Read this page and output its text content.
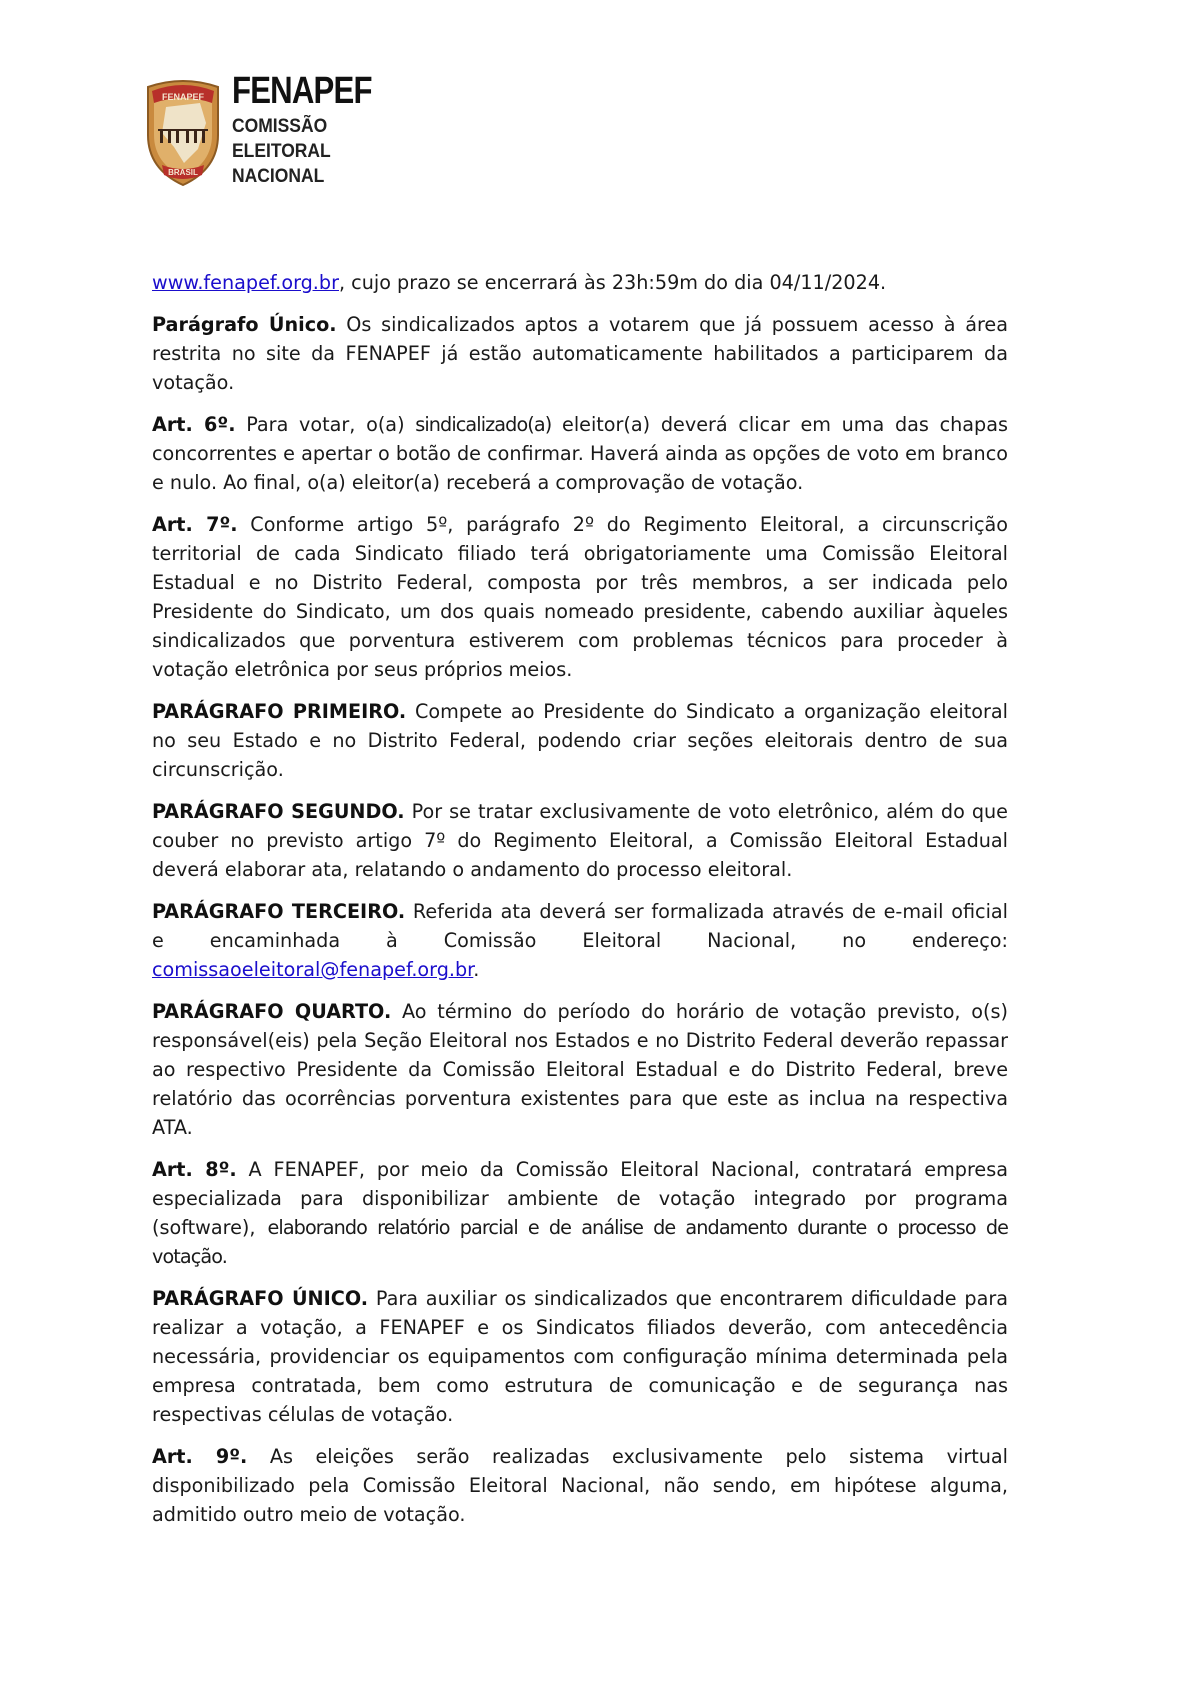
FENAPEF
BRASIL
FENAPEF
COMISSÃO
ELEITORAL
NACIONAL

www.fenapef.org.br, cujo prazo se encerrará às 23h:59m do dia 04/11/2024.

Parágrafo Único. Os sindicalizados aptos a votarem que já possuem acesso à área restrita no site da FENAPEF já estão automaticamente habilitados a participarem da votação.

Art. 6º. Para votar, o(a) sindicalizado(a) eleitor(a) deverá clicar em uma das chapas concorrentes e apertar o botão de confirmar. Haverá ainda as opções de voto em branco e nulo. Ao final, o(a) eleitor(a) receberá a comprovação de votação.

Art. 7º. Conforme artigo 5º, parágrafo 2º do Regimento Eleitoral, a circunscrição territorial de cada Sindicato filiado terá obrigatoriamente uma Comissão Eleitoral Estadual e no Distrito Federal, composta por três membros, a ser indicada pelo Presidente do Sindicato, um dos quais nomeado presidente, cabendo auxiliar àqueles sindicalizados que porventura estiverem com problemas técnicos para proceder à votação eletrônica por seus próprios meios.

PARÁGRAFO PRIMEIRO. Compete ao Presidente do Sindicato a organização eleitoral no seu Estado e no Distrito Federal, podendo criar seções eleitorais dentro de sua circunscrição.

PARÁGRAFO SEGUNDO. Por se tratar exclusivamente de voto eletrônico, além do que couber no previsto artigo 7º do Regimento Eleitoral, a Comissão Eleitoral Estadual deverá elaborar ata, relatando o andamento do processo eleitoral.

PARÁGRAFO TERCEIRO. Referida ata deverá ser formalizada através de e-mail oficial e encaminhada à Comissão Eleitoral Nacional, no endereço: comissaoeleitoral@fenapef.org.br.

PARÁGRAFO QUARTO. Ao término do período do horário de votação previsto, o(s) responsável(eis) pela Seção Eleitoral nos Estados e no Distrito Federal deverão repassar ao respectivo Presidente da Comissão Eleitoral Estadual e do Distrito Federal, breve relatório das ocorrências porventura existentes para que este as inclua na respectiva ATA.

Art. 8º. A FENAPEF, por meio da Comissão Eleitoral Nacional, contratará empresa especializada para disponibilizar ambiente de votação integrado por programa (software), elaborando relatório parcial e de análise de andamento durante o processo de votação.

PARÁGRAFO ÚNICO. Para auxiliar os sindicalizados que encontrarem dificuldade para realizar a votação, a FENAPEF e os Sindicatos filiados deverão, com antecedência necessária, providenciar os equipamentos com configuração mínima determinada pela empresa contratada, bem como estrutura de comunicação e de segurança nas respectivas células de votação.

Art. 9º. As eleições serão realizadas exclusivamente pelo sistema virtual disponibilizado pela Comissão Eleitoral Nacional, não sendo, em hipótese alguma, admitido outro meio de votação.
